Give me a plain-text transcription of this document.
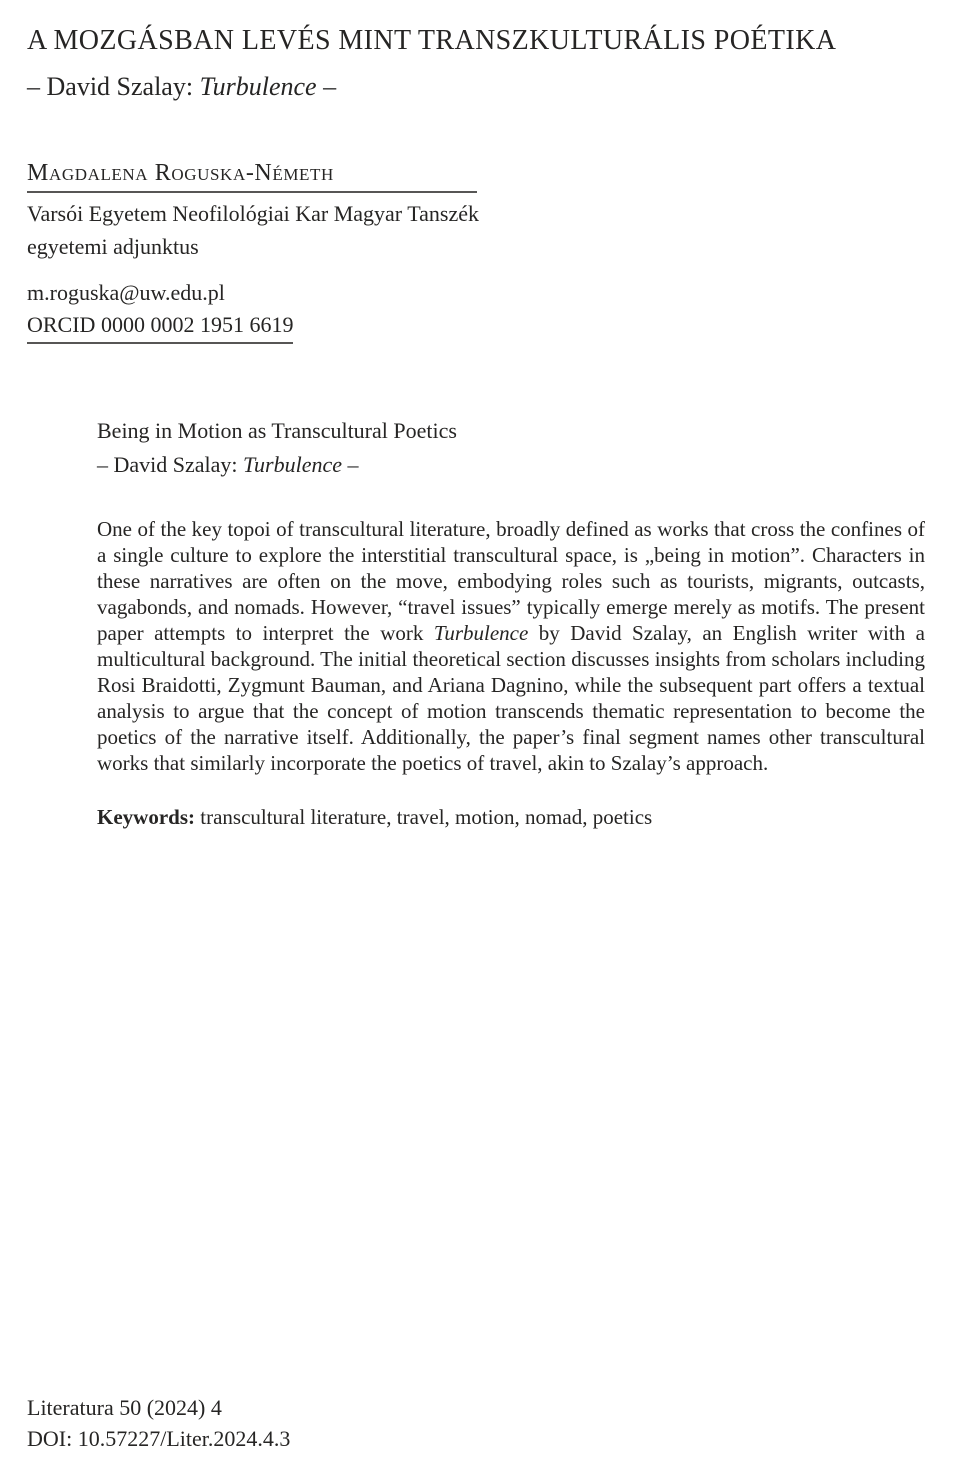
A MOZGÁSBAN LEVÉS MINT TRANSZKULTURÁLIS POÉTIKA

– David Szalay: Turbulence –

Magdalena Roguska-Németh
Varsói Egyetem Neofilológiai Kar Magyar Tanszék
egyetemi adjunktus
m.roguska@uw.edu.pl
ORCID 0000 0002 1951 6619
Being in Motion as Transcultural Poetics

– David Szalay: Turbulence –

One of the key topoi of transcultural literature, broadly defined as works that cross the confines of a single culture to explore the interstitial transcultural space, is „being in motion”. Characters in these narratives are often on the move, embodying roles such as tourists, migrants, outcasts, vagabonds, and nomads. However, “travel issues” typically emerge merely as motifs. The present paper attempts to interpret the work Turbulence by David Szalay, an English writer with a multicultural background. The initial theoretical section discusses insights from scholars including Rosi Braidotti, Zygmunt Bauman, and Ariana Dagnino, while the subsequent part offers a textual analysis to argue that the concept of motion transcends thematic representation to become the poetics of the narrative itself. Additionally, the paper’s final segment names other transcultural works that similarly incorporate the poetics of travel, akin to Szalay’s approach.

Keywords: transcultural literature, travel, motion, nomad, poetics

Literatura 50 (2024) 4
DOI: 10.57227/Liter.2024.4.3
